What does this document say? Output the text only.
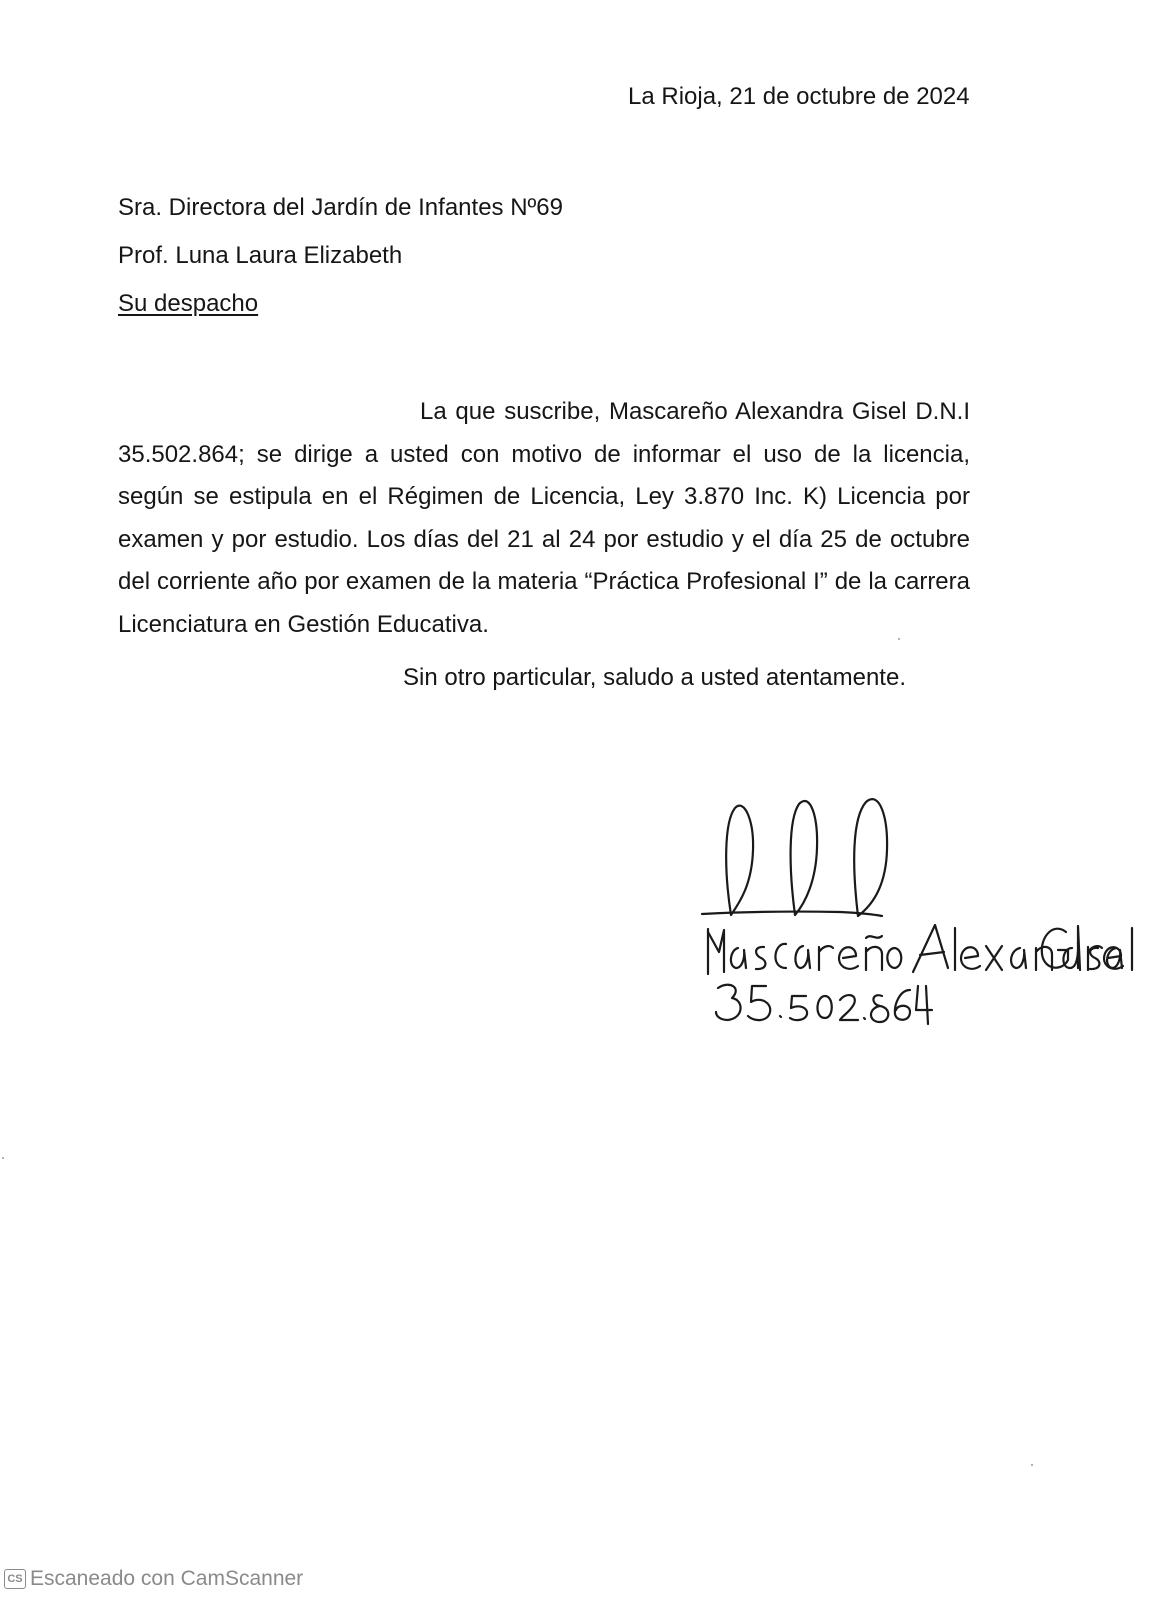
La Rioja, 21 de octubre de 2024
Sra. Directora del Jardín de Infantes Nº69
Prof. Luna Laura Elizabeth
Su despacho

La que suscribe, Mascareño Alexandra Gisel D.N.I 35.502.864; se dirige a usted con motivo de informar el uso de la licencia, según se estipula en el Régimen de Licencia, Ley 3.870 Inc. K) Licencia por examen y por estudio. Los días del 21 al 24 por estudio y el día 25 de octubre del corriente año por examen de la materia “Práctica Profesional I” de la carrera Licenciatura en Gestión Educativa.

Sin otro particular, saludo a usted atentamente.
CS Escaneado con CamScanner
